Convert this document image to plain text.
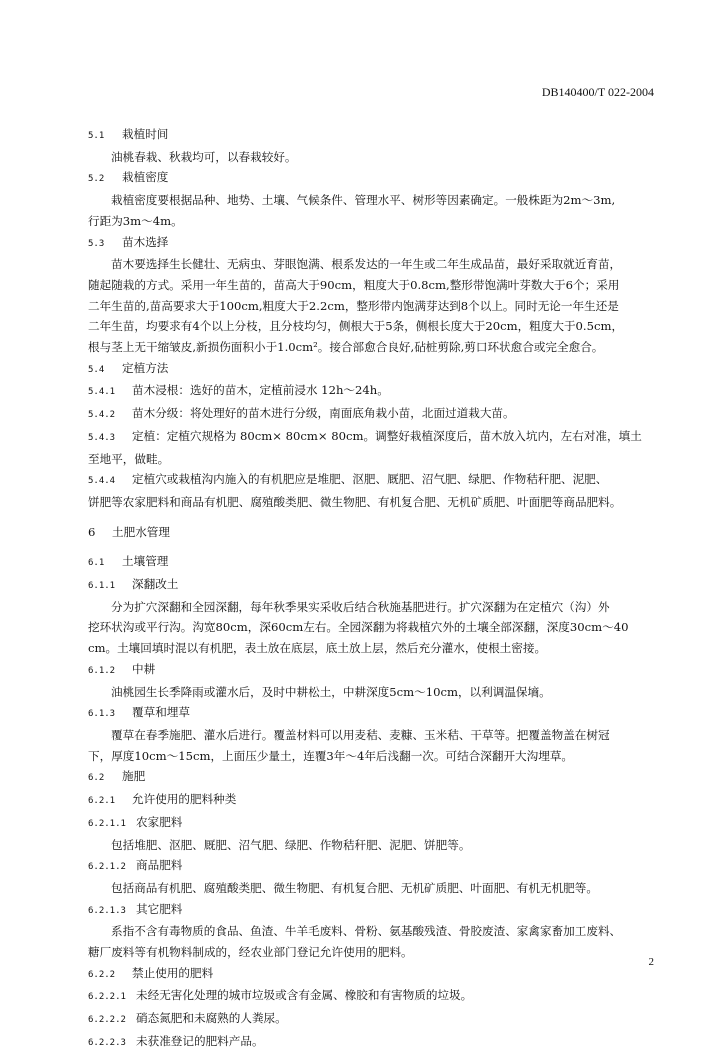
DB140400/T 022-2004
5.1 栽植时间
油桃春栽、秋栽均可，以春栽较好。
5.2 栽植密度
栽植密度要根据品种、地势、土壤、气候条件、管理水平、树形等因素确定。一般株距为2m～3m,
行距为3m～4m。
5.3 苗木选择
苗木要选择生长健壮、无病虫、芽眼饱满、根系发达的一年生或二年生成品苗，最好采取就近育苗，
随起随栽的方式。采用一年生苗的，苗高大于90cm，粗度大于0.8cm,整形带饱满叶芽数大于6个；采用
二年生苗的,苗高要求大于100cm,粗度大于2.2cm，整形带内饱满芽达到8个以上。同时无论一年生还是
二年生苗，均要求有4个以上分枝，且分枝均匀，侧根大于5条，侧根长度大于20cm，粗度大于0.5cm，
根与茎上无干缩皱皮,新损伤面积小于1.0cm²。接合部愈合良好,砧桩剪除,剪口环状愈合或完全愈合。
5.4 定植方法
5.4.1 苗木浸根：选好的苗木，定植前浸水 12h～24h。
5.4.2 苗木分级：将处理好的苗木进行分级，南面底角栽小苗，北面过道栽大苗。
5.4.3 定植：定植穴规格为 80cm× 80cm× 80cm。调整好栽植深度后，苗木放入坑内，左右对准，填土
至地平，做畦。
5.4.4 定植穴或栽植沟内施入的有机肥应是堆肥、沤肥、厩肥、沼气肥、绿肥、作物秸秆肥、泥肥、
饼肥等农家肥料和商品有机肥、腐殖酸类肥、微生物肥、有机复合肥、无机矿质肥、叶面肥等商品肥料。
6 土肥水管理
6.1 土壤管理
6.1.1 深翻改土
分为扩穴深翻和全园深翻，每年秋季果实采收后结合秋施基肥进行。扩穴深翻为在定植穴（沟）外
挖环状沟或平行沟。沟宽80cm，深60cm左右。全园深翻为将栽植穴外的土壤全部深翻，深度30cm～40
cm。土壤回填时混以有机肥，表土放在底层，底土放上层，然后充分灌水，使根土密接。
6.1.2 中耕
油桃园生长季降雨或灌水后，及时中耕松土，中耕深度5cm～10cm，以利调温保墒。
6.1.3 覆草和埋草
覆草在春季施肥、灌水后进行。覆盖材料可以用麦秸、麦糠、玉米秸、干草等。把覆盖物盖在树冠
下，厚度10cm～15cm，上面压少量土，连覆3年～4年后浅翻一次。可结合深翻开大沟埋草。
6.2 施肥
6.2.1 允许使用的肥料种类
6.2.1.1 农家肥料
包括堆肥、沤肥、厩肥、沼气肥、绿肥、作物秸秆肥、泥肥、饼肥等。
6.2.1.2 商品肥料
包括商品有机肥、腐殖酸类肥、微生物肥、有机复合肥、无机矿质肥、叶面肥、有机无机肥等。
6.2.1.3 其它肥料
系指不含有毒物质的食品、鱼渣、牛羊毛废料、骨粉、氨基酸残渣、骨胶废渣、家禽家畜加工废料、
糖厂废料等有机物料制成的，经农业部门登记允许使用的肥料。
6.2.2 禁止使用的肥料
6.2.2.1 未经无害化处理的城市垃圾或含有金属、橡胶和有害物质的垃圾。
6.2.2.2 硝态氮肥和未腐熟的人粪尿。
6.2.2.3 未获准登记的肥料产品。
2
